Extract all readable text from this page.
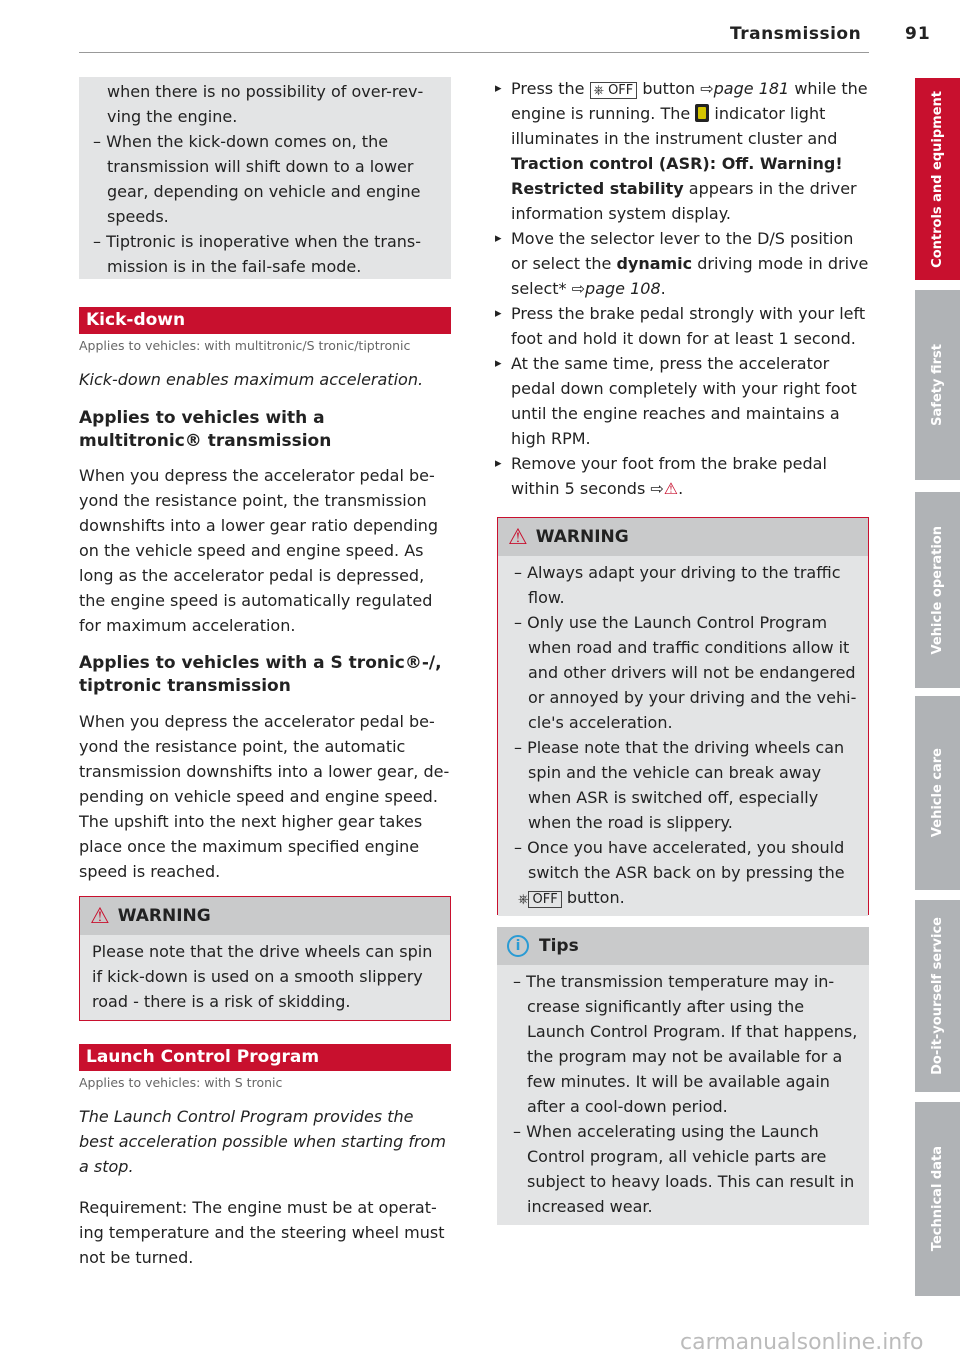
Transmission	91

when there is no possibility of over-revving the engine.

– When the kick-down comes on, the transmission will shift down to a lower gear, depending on vehicle and engine speeds.

– Tiptronic is inoperative when the transmission is in the fail-safe mode.

Kick-down
Applies to vehicles: with multitronic/S tronic/tiptronic
Kick-down enables maximum acceleration.
Applies to vehicles with a multitronic® transmission
When you depress the accelerator pedal beyond the resistance point, the transmission downshifts into a lower gear ratio depending on the vehicle speed and engine speed. As long as the accelerator pedal is depressed, the engine speed is automatically regulated for maximum acceleration.
Applies to vehicles with a S tronic®-/, tiptronic transmission
When you depress the accelerator pedal beyond the resistance point, the automatic transmission downshifts into a lower gear, depending on vehicle speed and engine speed. The upshift into the next higher gear takes place once the maximum specified engine speed is reached.
⚠ WARNING
Please note that the drive wheels can spin if kick-down is used on a smooth slippery road - there is a risk of skidding.
Launch Control Program
Applies to vehicles: with S tronic
The Launch Control Program provides the best acceleration possible when starting from a stop.
Requirement: The engine must be at operating temperature and the steering wheel must not be turned.

▸ Press the ⎈ OFF button ⇨page 181 while the engine is running. The indicator light illuminates in the instrument cluster and Traction control (ASR): Off. Warning! Restricted stability appears in the driver information system display.

▸ Move the selector lever to the D/S position or select the dynamic driving mode in drive select* ⇨page 108.

▸ Press the brake pedal strongly with your left foot and hold it down for at least 1 second.

▸ At the same time, press the accelerator pedal down completely with your right foot until the engine reaches and maintains a high RPM.

▸ Remove your foot from the brake pedal within 5 seconds ⇨⚠.

⚠ WARNING

– Always adapt your driving to the traffic flow.

– Only use the Launch Control Program when road and traffic conditions allow it and other drivers will not be endangered or annoyed by your driving and the vehicle's acceleration.

– Please note that the driving wheels can spin and the vehicle can break away when ASR is switched off, especially when the road is slippery.

– Once you have accelerated, you should switch the ASR back on by pressing the ⎈ OFF button.

i	Tips

– The transmission temperature may increase significantly after using the Launch Control Program. If that happens, the program may not be available for a few minutes. It will be available again after a cool-down period.

– When accelerating using the Launch Control program, all vehicle parts are subject to heavy loads. This can result in increased wear.

Controls and equipment
Safety first
Vehicle operation
Vehicle care
Do-it-yourself service
Technical data
carmanualsonline.info
